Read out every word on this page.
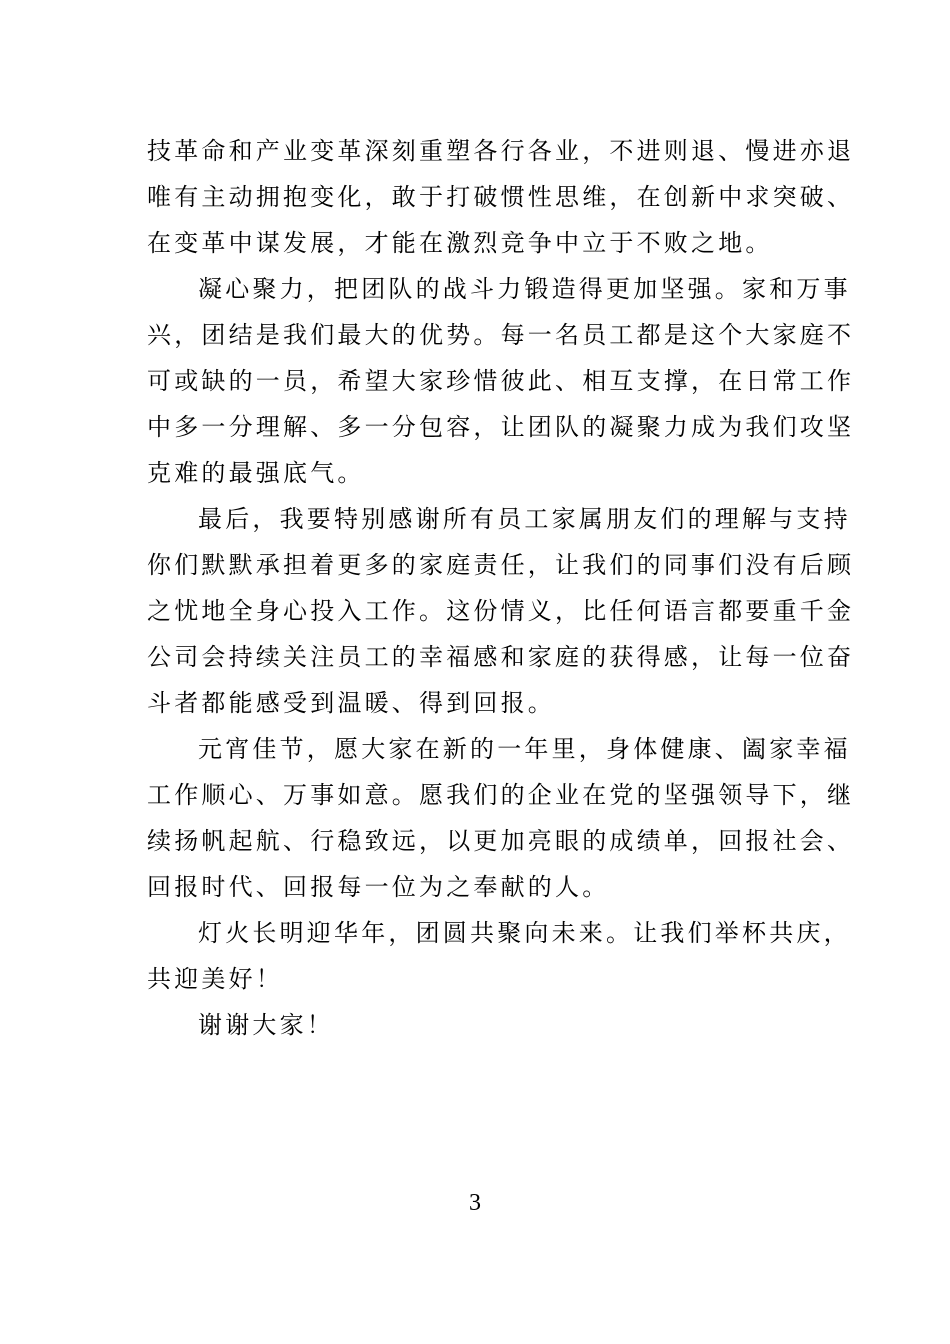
技革命和产业变革深刻重塑各行各业，不进则退、慢进亦退
唯有主动拥抱变化，敢于打破惯性思维，在创新中求突破、
在变革中谋发展，才能在激烈竞争中立于不败之地。
凝心聚力，把团队的战斗力锻造得更加坚强。家和万事
兴，团结是我们最大的优势。每一名员工都是这个大家庭不
可或缺的一员，希望大家珍惜彼此、相互支撑，在日常工作
中多一分理解、多一分包容，让团队的凝聚力成为我们攻坚
克难的最强底气。
最后，我要特别感谢所有员工家属朋友们的理解与支持
你们默默承担着更多的家庭责任，让我们的同事们没有后顾
之忧地全身心投入工作。这份情义，比任何语言都要重千金
公司会持续关注员工的幸福感和家庭的获得感，让每一位奋
斗者都能感受到温暖、得到回报。
元宵佳节，愿大家在新的一年里，身体健康、阖家幸福
工作顺心、万事如意。愿我们的企业在党的坚强领导下，继
续扬帆起航、行稳致远，以更加亮眼的成绩单，回报社会、
回报时代、回报每一位为之奉献的人。
灯火长明迎华年，团圆共聚向未来。让我们举杯共庆，
共迎美好！
谢谢大家！
3
